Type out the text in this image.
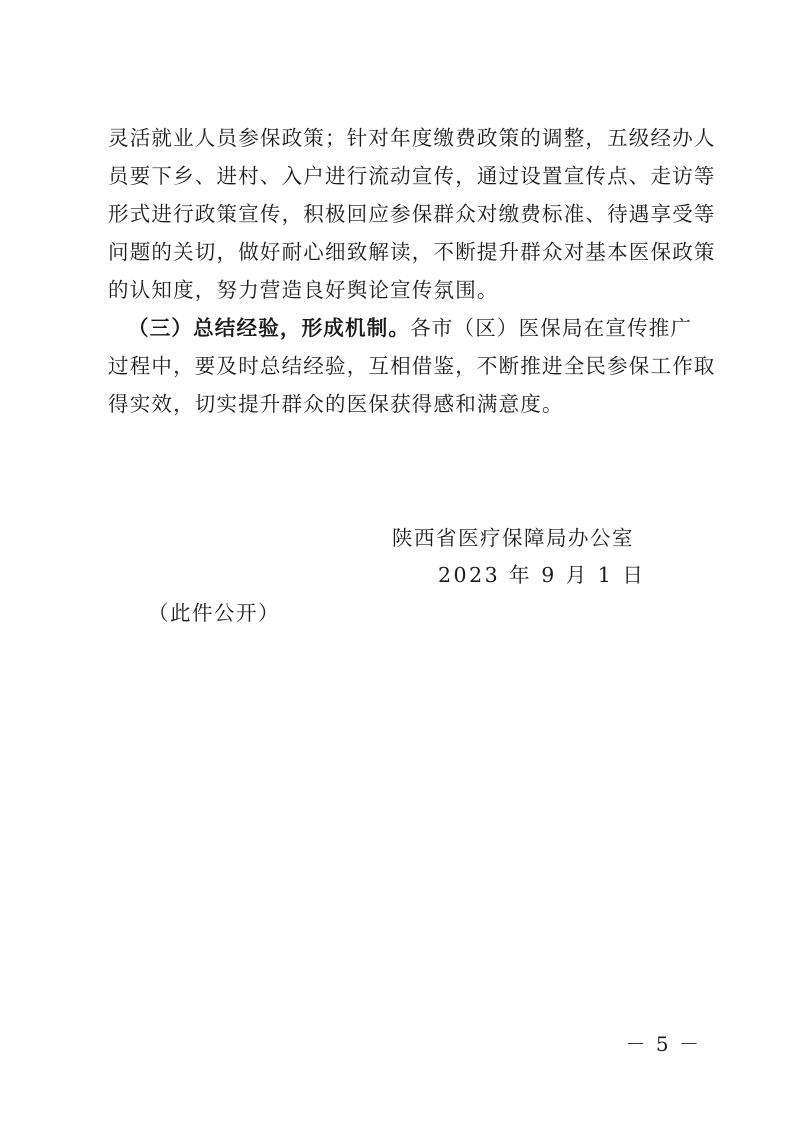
灵活就业人员参保政策；针对年度缴费政策的调整，五级经办人
员要下乡、进村、入户进行流动宣传，通过设置宣传点、走访等
形式进行政策宣传，积极回应参保群众对缴费标准、待遇享受等
问题的关切，做好耐心细致解读，不断提升群众对基本医保政策
的认知度，努力营造良好舆论宣传氛围。
（三）总结经验，形成机制。各市（区）医保局在宣传推广
过程中，要及时总结经验，互相借鉴，不断推进全民参保工作取
得实效，切实提升群众的医保获得感和满意度。
陕西省医疗保障局办公室
2023 年 9 月 1 日
（此件公开）
－ 5 －
